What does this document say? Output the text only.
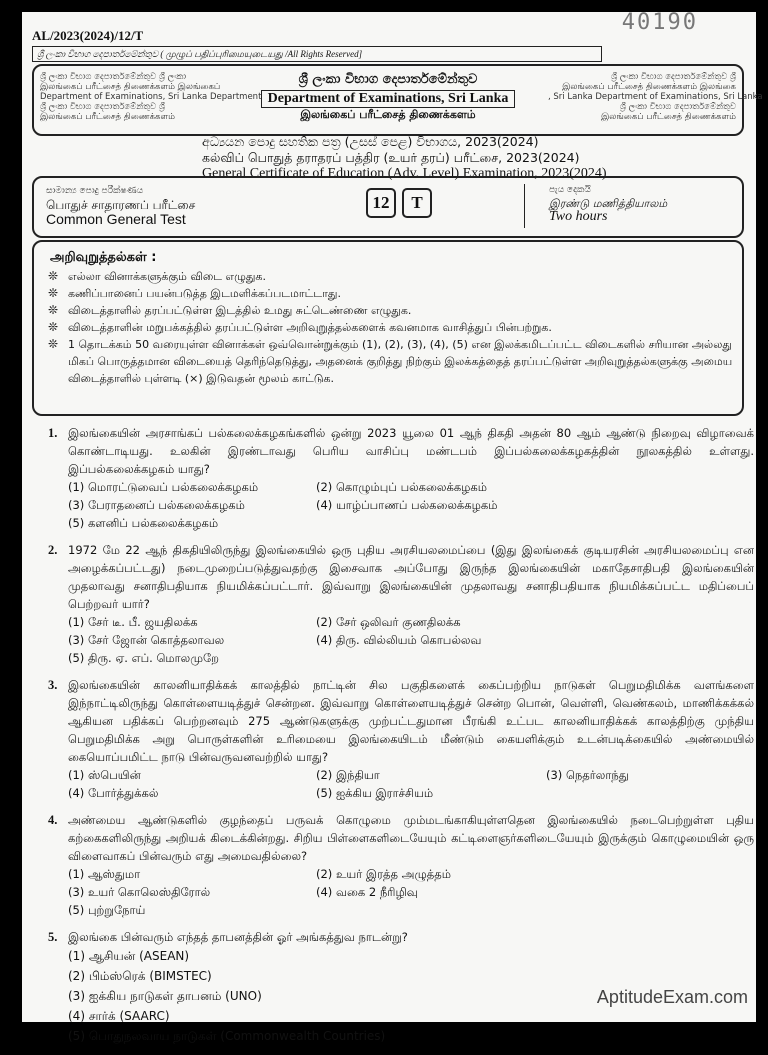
40190
AL/2023(2024)/12/T
ශ්‍රී ලංකා විභාග දෙපාර්තමේන්තුව ( முழுப் பதிப்புரிமையுடையது /All Rights Reserved]
ශ්‍රී ලංකා විභාග දෙපාර්තමේන්තුව ශ්‍රී ලංකා
இலங்கைப் பரீட்சைத் திணைக்களம் இலங்கைப்
Department of Examinations, Sri Lanka Department
ශ්‍රී ලංකා විභාග දෙපාර්තමේන්තුව ශ්‍රී
இலங்கைப் பரீட்சைத் திணைக்களம்
ශ්‍රී ලංකා විභාග දෙපාර්තමේන්තුව
Department of Examinations, Sri Lanka
இலங்கைப் பரீட்சைத் திணைக்களம்
ශ්‍රී ලංකා විභාග දෙපාර්තමේන්තුව ශ්‍රී
இலங்கைப் பரீட்சைத் திணைக்களம் இலங்கை
, Sri Lanka Department of Examinations, Sri Lanka
ශ්‍රී ලංකා විභාග දෙපාර්තමේන්තුව
இலங்கைப் பரீட்சைத் திணைக்களம்
අධ්‍යයන පොදු සහතික පත්‍ර (උසස් පෙළ) විභාගය, 2023(2024)
கல்விப் பொதுத் தராதரப் பத்திர (உயர் தரப்) பரீட்சை, 2023(2024)
General Certificate of Education (Adv. Level) Examination, 2023(2024)
සාමාන්‍ය පොදු පරීක්ෂණය
பொதுச் சாதாரணப் பரீட்சை
Common General Test
12 T
පැය දෙකයි
இரண்டு மணித்தியாலம்
Two hours
அறிவுறுத்தல்கள் :
❊ எல்லா வினாக்களுக்கும் விடை எழுதுக.
❊ கணிப்பானைப் பயன்படுத்த இடமளிக்கப்படமாட்டாது.
❊ விடைத்தாளில் தரப்பட்டுள்ள இடத்தில் உமது சுட்டெண்ணை எழுதுக.
❊ விடைத்தாளின் மறுபக்கத்தில் தரப்பட்டுள்ள அறிவுறுத்தல்களைக் கவனமாக வாசித்துப் பின்பற்றுக.
❊ 1 தொடக்கம் 50 வரையுள்ள வினாக்கள் ஒவ்வொன்றுக்கும் (1), (2), (3), (4), (5) என இலக்கமிடப்பட்ட விடைகளில் சரியான அல்லது மிகப் பொருத்தமான விடையைத் தெரிந்தெடுத்து, அதனைக் குறித்து நிற்கும் இலக்கத்தைத் தரப்பட்டுள்ள அறிவுறுத்தல்களுக்கு அமைய விடைத்தாளில் புள்ளடி (×) இடுவதன் மூலம் காட்டுக.
1. இலங்கையின் அரசாங்கப் பல்கலைக்கழகங்களில் ஒன்று 2023 யூலை 01 ஆந் திகதி அதன் 80 ஆம் ஆண்டு நிறைவு விழாவைக் கொண்டாடியது. உலகின் இரண்டாவது பெரிய வாசிப்பு மண்டபம் இப்பல்கலைக்கழகத்தின் நூலகத்தில் உள்ளது. இப்பல்கலைக்கழகம் யாது?
(1) மொரட்டுவைப் பல்கலைக்கழகம்	(2) கொழும்புப் பல்கலைக்கழகம்
(3) பேராதனைப் பல்கலைக்கழகம்	(4) யாழ்ப்பாணப் பல்கலைக்கழகம்
(5) களனிப் பல்கலைக்கழகம்
2. 1972 மே 22 ஆந் திகதியிலிருந்து இலங்கையில் ஒரு புதிய அரசியலமைப்பை (இது இலங்கைக் குடியரசின் அரசியலமைப்பு என அழைக்கப்பட்டது) நடைமுறைப்படுத்துவதற்கு இசைவாக அப்போது இருந்த இலங்கையின் மகாதேசாதிபதி இலங்கையின் முதலாவது சனாதிபதியாக நியமிக்கப்பட்டார். இவ்வாறு இலங்கையின் முதலாவது சனாதிபதியாக நியமிக்கப்பட்ட மதிப்பைப் பெற்றவர் யார்?
(1) சேர் டீ. பீ. ஜயதிலக்க	(2) சேர் ஒலிவர் குணதிலக்க
(3) சேர் ஜோன் கொத்தலாவல	(4) திரு. வில்லியம் கொபல்லவ
(5) திரு. ஏ. எப். மொலமுறே
3. இலங்கையின் காலனியாதிக்கக் காலத்தில் நாட்டின் சில பகுதிகளைக் கைப்பற்றிய நாடுகள் பெறுமதிமிக்க வளங்களை இந்நாட்டிலிருந்து கொள்ளையடித்துச் சென்றன. இவ்வாறு கொள்ளையடித்துச் சென்ற பொன், வெள்ளி, வெண்கலம், மாணிக்கக்கல் ஆகியன பதிக்கப் பெற்றனவும் 275 ஆண்டுகளுக்கு முற்பட்டதுமான பீரங்கி உட்பட காலனியாதிக்கக் காலத்திற்கு முந்திய பெறுமதிமிக்க அறு பொருள்களின் உரிமையை இலங்கையிடம் மீண்டும் கையளிக்கும் உடன்படிக்கையில் அண்மையில் கையொப்பமிட்ட நாடு பின்வருவனவற்றில் யாது?
(1) ஸ்பெயின்	(2) இந்தியா	(3) நெதர்லாந்து
(4) போர்த்துக்கல்	(5) ஐக்கிய இராச்சியம்
4. அண்மைய ஆண்டுகளில் குழந்தைப் பருவக் கொழுமை மும்மடங்காகியுள்ளதென இலங்கையில் நடைபெற்றுள்ள புதிய கற்கைகளிலிருந்து அறியக் கிடைக்கின்றது. சிறிய பிள்ளைகளிடையேயும் கட்டிளைஞர்களிடையேயும் இருக்கும் கொழுமையின் ஒரு விளைவாகப் பின்வரும் எது அமைவதில்லை?
(1) ஆஸ்துமா	(2) உயர் இரத்த அழுத்தம்
(3) உயர் கொலெஸ்திரோல்	(4) வகை 2 நீரிழிவு
(5) புற்றுநோய்
5. இலங்கை பின்வரும் எந்தத் தாபனத்தின் ஓர் அங்கத்துவ நாடன்று?
(1) ஆசியன் (ASEAN)
(2) பிம்ஸ்ரெக் (BIMSTEC)
(3) ஐக்கிய நாடுகள் தாபனம் (UNO)
(4) சார்க் (SAARC)
(5) பொதுநலவாய நாடுகள் (Commonwealth Countries)
AptitudeExam.com
